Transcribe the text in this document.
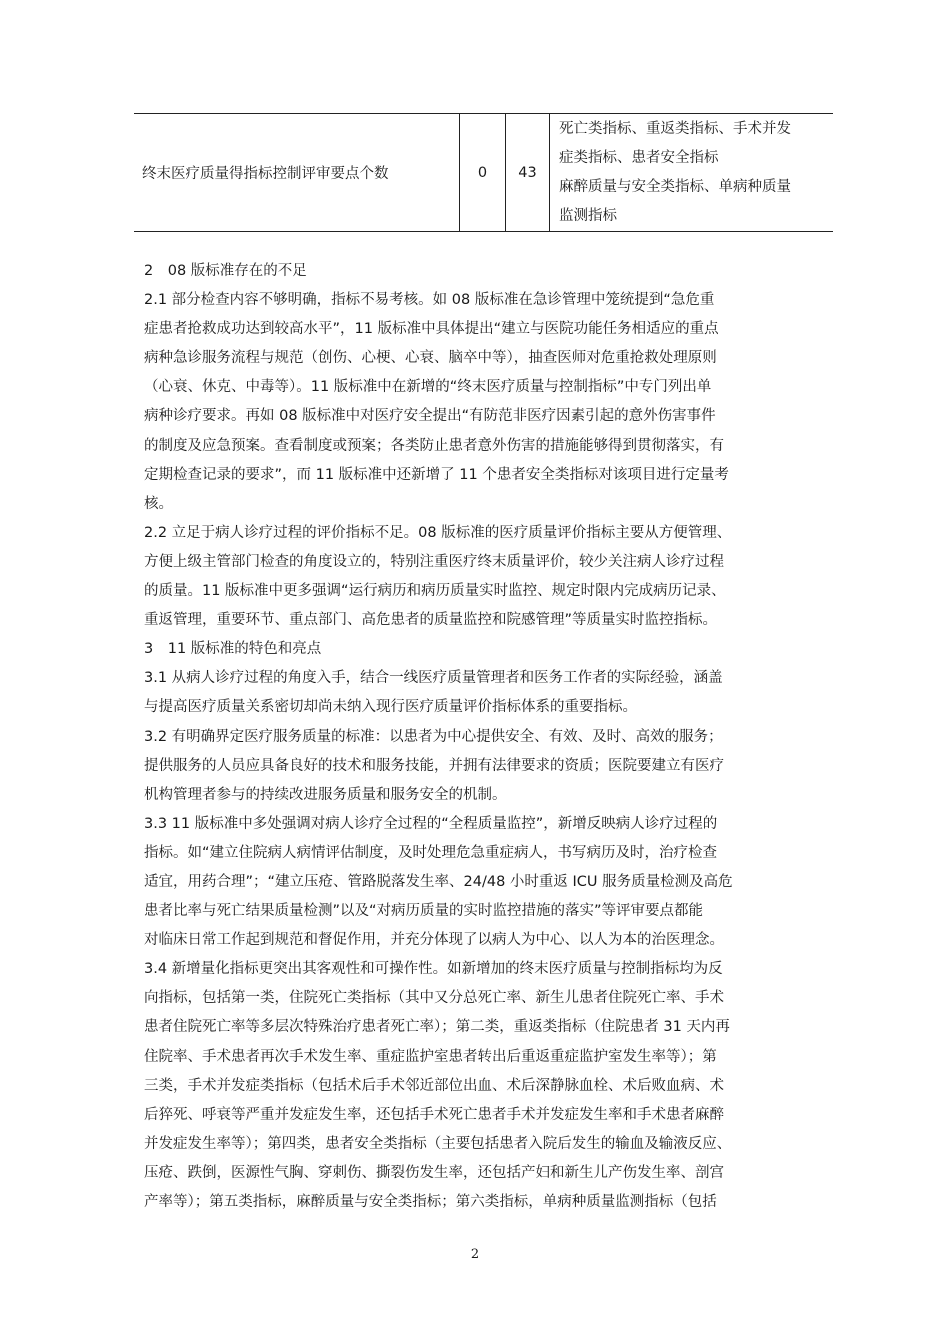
终末医疗质量得指标控制评审要点个数	0	43
死亡类指标、重返类指标、手术并发
症类指标、患者安全指标
麻醉质量与安全类指标、单病种质量
监测指标
2　08 版标准存在的不足
2.1 部分检查内容不够明确，指标不易考核。如 08 版标准在急诊管理中笼统提到“急危重
症患者抢救成功达到较高水平”，11 版标准中具体提出“建立与医院功能任务相适应的重点
病种急诊服务流程与规范（创伤、心梗、心衰、脑卒中等），抽查医师对危重抢救处理原则
（心衰、休克、中毒等）。11 版标准中在新增的“终末医疗质量与控制指标”中专门列出单
病种诊疗要求。再如 08 版标准中对医疗安全提出“有防范非医疗因素引起的意外伤害事件
的制度及应急预案。查看制度或预案；各类防止患者意外伤害的措施能够得到贯彻落实，有
定期检查记录的要求”，而 11 版标准中还新增了 11 个患者安全类指标对该项目进行定量考
核。
2.2 立足于病人诊疗过程的评价指标不足。08 版标准的医疗质量评价指标主要从方便管理、
方便上级主管部门检查的角度设立的，特别注重医疗终末质量评价，较少关注病人诊疗过程
的质量。11 版标准中更多强调“运行病历和病历质量实时监控、规定时限内完成病历记录、
重返管理，重要环节、重点部门、高危患者的质量监控和院感管理”等质量实时监控指标。
3　11 版标准的特色和亮点
3.1 从病人诊疗过程的角度入手，结合一线医疗质量管理者和医务工作者的实际经验，涵盖
与提高医疗质量关系密切却尚未纳入现行医疗质量评价指标体系的重要指标。
3.2 有明确界定医疗服务质量的标准：以患者为中心提供安全、有效、及时、高效的服务；
提供服务的人员应具备良好的技术和服务技能，并拥有法律要求的资质；医院要建立有医疗
机构管理者参与的持续改进服务质量和服务安全的机制。
3.3 11 版标准中多处强调对病人诊疗全过程的“全程质量监控”，新增反映病人诊疗过程的
指标。如“建立住院病人病情评估制度，及时处理危急重症病人，书写病历及时，治疗检查
适宜，用药合理”；“建立压疮、管路脱落发生率、24/48 小时重返 ICU 服务质量检测及高危
患者比率与死亡结果质量检测”以及“对病历质量的实时监控措施的落实”等评审要点都能
对临床日常工作起到规范和督促作用，并充分体现了以病人为中心、以人为本的治医理念。
3.4 新增量化指标更突出其客观性和可操作性。如新增加的终末医疗质量与控制指标均为反
向指标，包括第一类，住院死亡类指标（其中又分总死亡率、新生儿患者住院死亡率、手术
患者住院死亡率等多层次特殊治疗患者死亡率）；第二类，重返类指标（住院患者 31 天内再
住院率、手术患者再次手术发生率、重症监护室患者转出后重返重症监护室发生率等）；第
三类，手术并发症类指标（包括术后手术邻近部位出血、术后深静脉血栓、术后败血病、术
后猝死、呼衰等严重并发症发生率，还包括手术死亡患者手术并发症发生率和手术患者麻醉
并发症发生率等）；第四类，患者安全类指标（主要包括患者入院后发生的输血及输液反应、
压疮、跌倒，医源性气胸、穿刺伤、撕裂伤发生率，还包括产妇和新生儿产伤发生率、剖宫
产率等）；第五类指标，麻醉质量与安全类指标；第六类指标，单病种质量监测指标（包括
2
